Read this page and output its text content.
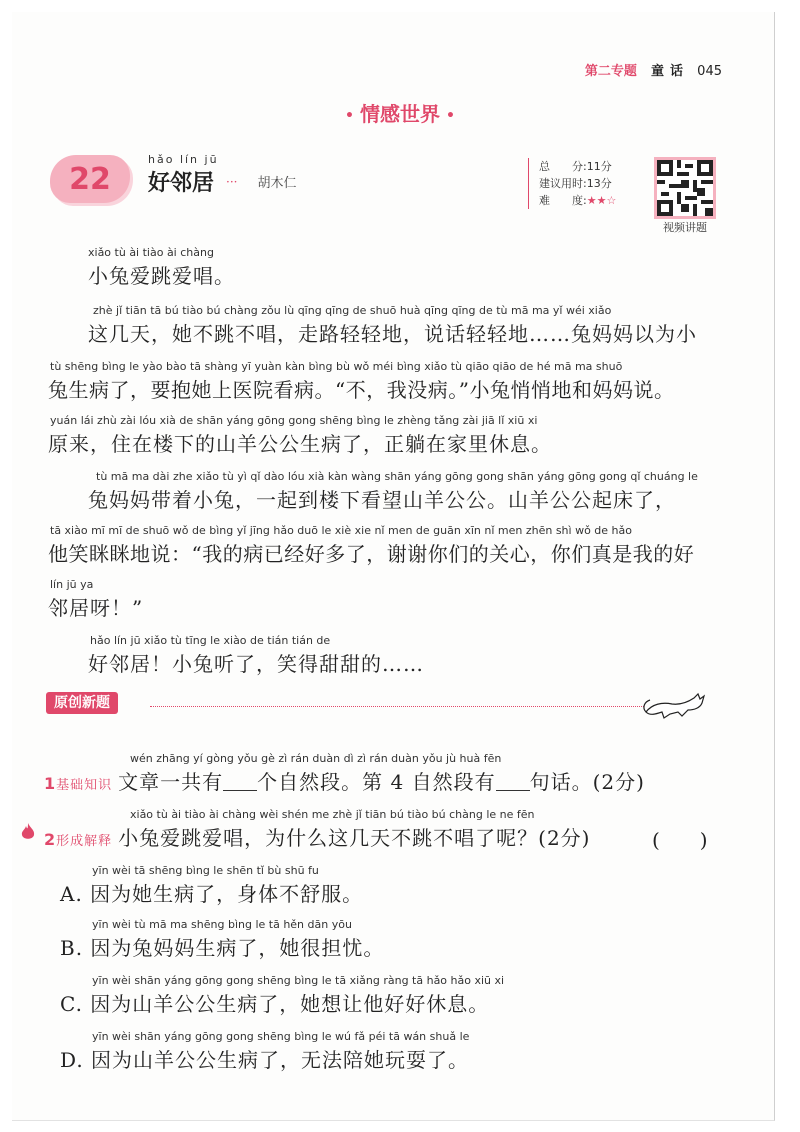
第二专题 童话 045
• 情感世界 •
22
hǎo lín jū
好邻居 ··· 胡木仁
总　　分:11分
建议用时:13分
难　　度:★★☆
视频讲题
xiǎo tù ài tiào ài chàng
小兔爱跳爱唱。
zhè jǐ tiān tā bú tiào bú chàng zǒu lù qīng qīng de shuō huà qīng qīng de tù mā ma yǐ wéi xiǎo
这几天，她不跳不唱，走路轻轻地，说话轻轻地……兔妈妈以为小
tù shēng bìng le yào bào tā shàng yī yuàn kàn bìng bù wǒ méi bìng xiǎo tù qiāo qiāo de hé mā ma shuō
兔生病了，要抱她上医院看病。“不，我没病。”小兔悄悄地和妈妈说。
yuán lái zhù zài lóu xià de shān yáng gōng gong shēng bìng le zhèng tǎng zài jiā lǐ xiū xi
原来，住在楼下的山羊公公生病了，正躺在家里休息。
tù mā ma dài zhe xiǎo tù yì qǐ dào lóu xià kàn wàng shān yáng gōng gong shān yáng gōng gong qǐ chuáng le
兔妈妈带着小兔，一起到楼下看望山羊公公。山羊公公起床了，
tā xiào mī mī de shuō wǒ de bìng yǐ jīng hǎo duō le xiè xie nǐ men de guān xīn nǐ men zhēn shì wǒ de hǎo
他笑眯眯地说：“我的病已经好多了，谢谢你们的关心，你们真是我的好
lín jū ya
邻居呀！”
hǎo lín jū xiǎo tù tīng le xiào de tián tián de
好邻居！小兔听了，笑得甜甜的……
原创新题
wén zhāng yí gòng yǒu gè zì rán duàn dì zì rán duàn yǒu jù huà fēn
1基础知识 文章一共有 个自然段。第 4 自然段有 句话。(2分)
xiǎo tù ài tiào ài chàng wèi shén me zhè jǐ tiān bú tiào bú chàng le ne fēn
2形成解释 小兔爱跳爱唱，为什么这几天不跳不唱了呢？(2分)	(　　)
yīn wèi tā shēng bìng le shēn tǐ bù shū fu
A. 因为她生病了，身体不舒服。
yīn wèi tù mā ma shēng bìng le tā hěn dān yōu
B. 因为兔妈妈生病了，她很担忧。
yīn wèi shān yáng gōng gong shēng bìng le tā xiǎng ràng tā hǎo hǎo xiū xi
C. 因为山羊公公生病了，她想让他好好休息。
yīn wèi shān yáng gōng gong shēng bìng le wú fǎ péi tā wán shuǎ le
D. 因为山羊公公生病了，无法陪她玩耍了。
